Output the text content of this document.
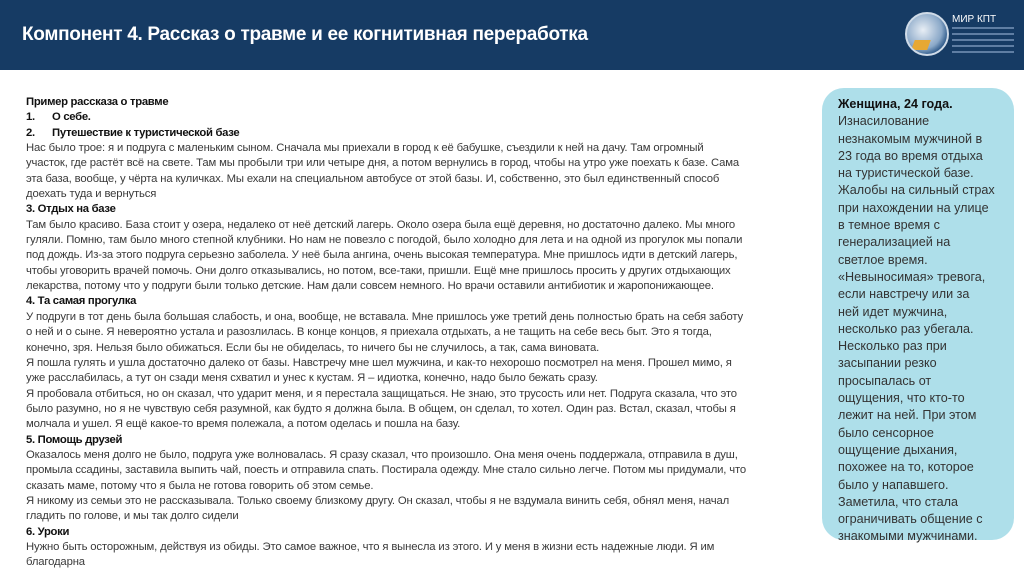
Компонент 4. Рассказ о травме и ее когнитивная переработка
МИР КПТ
Пример рассказа о травме
1. О себе.
2. Путешествие к туристической базе
Нас было трое: я и подруга с маленьким сыном. Сначала мы приехали в город к её бабушке, съездили к ней на дачу. Там огромный
участок, где растёт всё на свете. Там мы пробыли три или четыре дня, а потом вернулись в город, чтобы на утро уже поехать к базе. Сама
эта база, вообще, у чёрта на куличках. Мы ехали на специальном автобусе от этой базы. И, собственно, это был единственный способ
доехать туда и вернуться
3. Отдых на базе
Там было красиво. База стоит у озера, недалеко от неё детский лагерь. Около озера была ещё деревня, но достаточно далеко. Мы много
гуляли. Помню, там было много степной клубники. Но нам не повезло с погодой, было холодно для лета и на одной из прогулок мы попали
под дождь. Из-за этого подруга серьезно заболела. У неё была ангина, очень высокая температура. Мне пришлось идти в детский лагерь,
чтобы уговорить врачей помочь. Они долго отказывались, но потом, все-таки, пришли. Ещё мне пришлось просить у других отдыхающих
лекарства, потому что у подруги были только детские. Нам дали совсем немного. Но врачи оставили антибиотик и жаропонижающее.
4. Та самая прогулка
У подруги в тот день была большая слабость, и она, вообще, не вставала. Мне пришлось уже третий день полностью брать на себя заботу
о ней и о сыне. Я невероятно устала и разозлилась. В конце концов, я приехала отдыхать, а не тащить на себе весь быт. Это я тогда,
конечно, зря. Нельзя было обижаться. Если бы не обиделась, то ничего бы не случилось, а так, сама виновата.
Я пошла гулять и ушла достаточно далеко от базы. Навстречу мне шел мужчина, и как-то нехорошо посмотрел на меня. Прошел мимо, я
уже расслабилась, а тут он сзади меня схватил и унес к кустам. Я – идиотка, конечно, надо было бежать сразу.
Я пробовала отбиться, но он сказал, что ударит меня, и я перестала защищаться. Не знаю, это трусость или нет. Подруга сказала, что это
было разумно, но я не чувствую себя разумной, как будто я должна была. В общем, он сделал, то хотел. Один раз. Встал, сказал, чтобы я
молчала и ушел. Я ещё какое-то время полежала, а потом оделась и пошла на базу.
5. Помощь друзей
Оказалось меня долго не было, подруга уже волновалась. Я сразу сказал, что произошло. Она меня очень поддержала, отправила в душ,
промыла ссадины, заставила выпить чай, поесть и отправила спать. Постирала одежду. Мне стало сильно легче. Потом мы придумали, что
сказать маме, потому что я была не готова говорить об этом семье.
Я никому из семьи это не рассказывала. Только своему близкому другу. Он сказал, чтобы я не вздумала винить себя, обнял меня, начал
гладить по голове, и мы так долго сидели
6. Уроки
Нужно быть осторожным, действуя из обиды. Это самое важное, что я вынесла из этого. И у меня в жизни есть надежные люди. Я им
благодарна
Женщина, 24 года.
Изнасилование
незнакомым мужчиной в
23 года во время отдыха
на туристической базе.
Жалобы на сильный страх
при нахождении на улице
в темное время с
генерализацией на
светлое время.
«Невыносимая» тревога,
если навстречу или за
ней идет мужчина,
несколько раз убегала.
Несколько раз при
засыпании резко
просыпалась от
ощущения, что кто-то
лежит на ней. При этом
было сенсорное
ощущение дыхания,
похожее на то, которое
было у напавшего.
Заметила, что стала
ограничивать общение с
знакомыми мужчинами.
